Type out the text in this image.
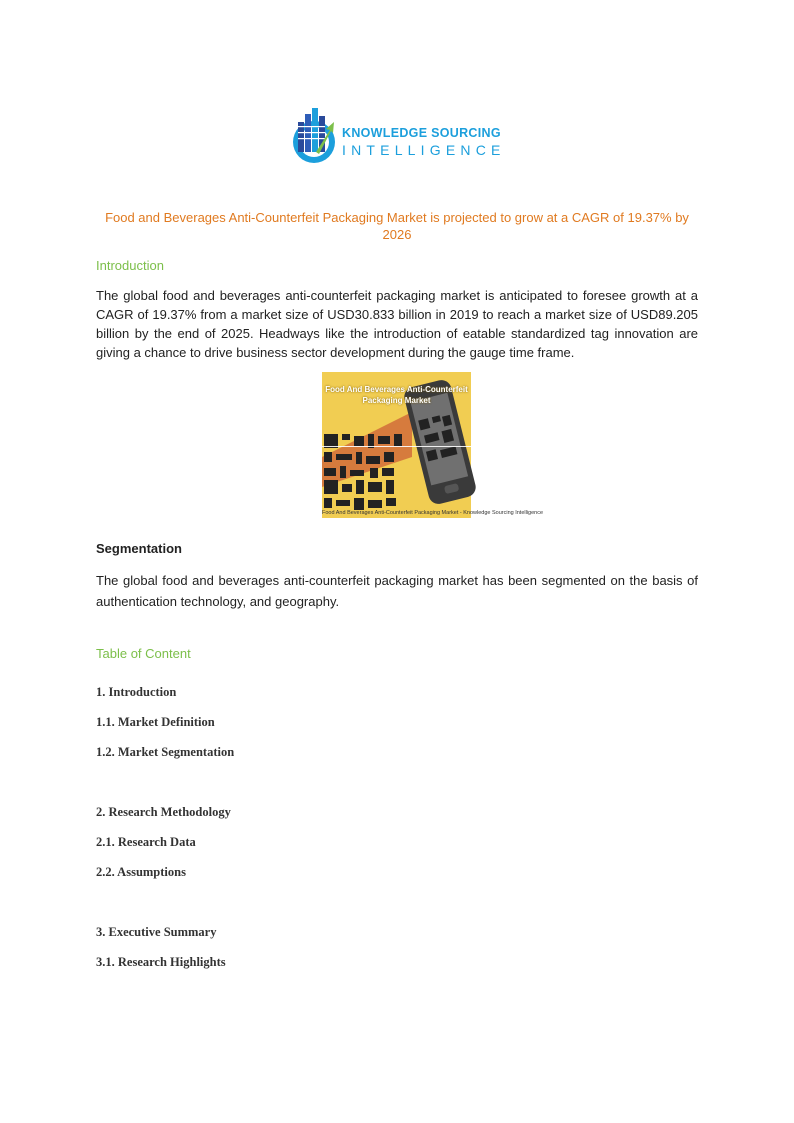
KNOWLEDGE SOURCING
INTELLIGENCE
Food and Beverages Anti-Counterfeit Packaging Market is projected to grow at a CAGR of 19.37% by 2026
Introduction
The global food and beverages anti-counterfeit packaging market is anticipated to foresee growth at a CAGR of 19.37% from a market size of USD30.833 billion in 2019 to reach a market size of USD89.205 billion by the end of 2025. Headways like the introduction of eatable standardized tag innovation are giving a chance to drive business sector development during the gauge time frame.
Food And Beverages Anti-Counterfeit Packaging Market
Food And Beverages Anti-Counterfeit Packaging Market - Knowledge Sourcing Intelligence
Segmentation
The global food and beverages anti-counterfeit packaging market has been segmented on the basis of authentication technology, and geography.
Table of Content
1. Introduction
1.1. Market Definition
1.2. Market Segmentation
2. Research Methodology
2.1. Research Data
2.2. Assumptions
3. Executive Summary
3.1. Research Highlights
